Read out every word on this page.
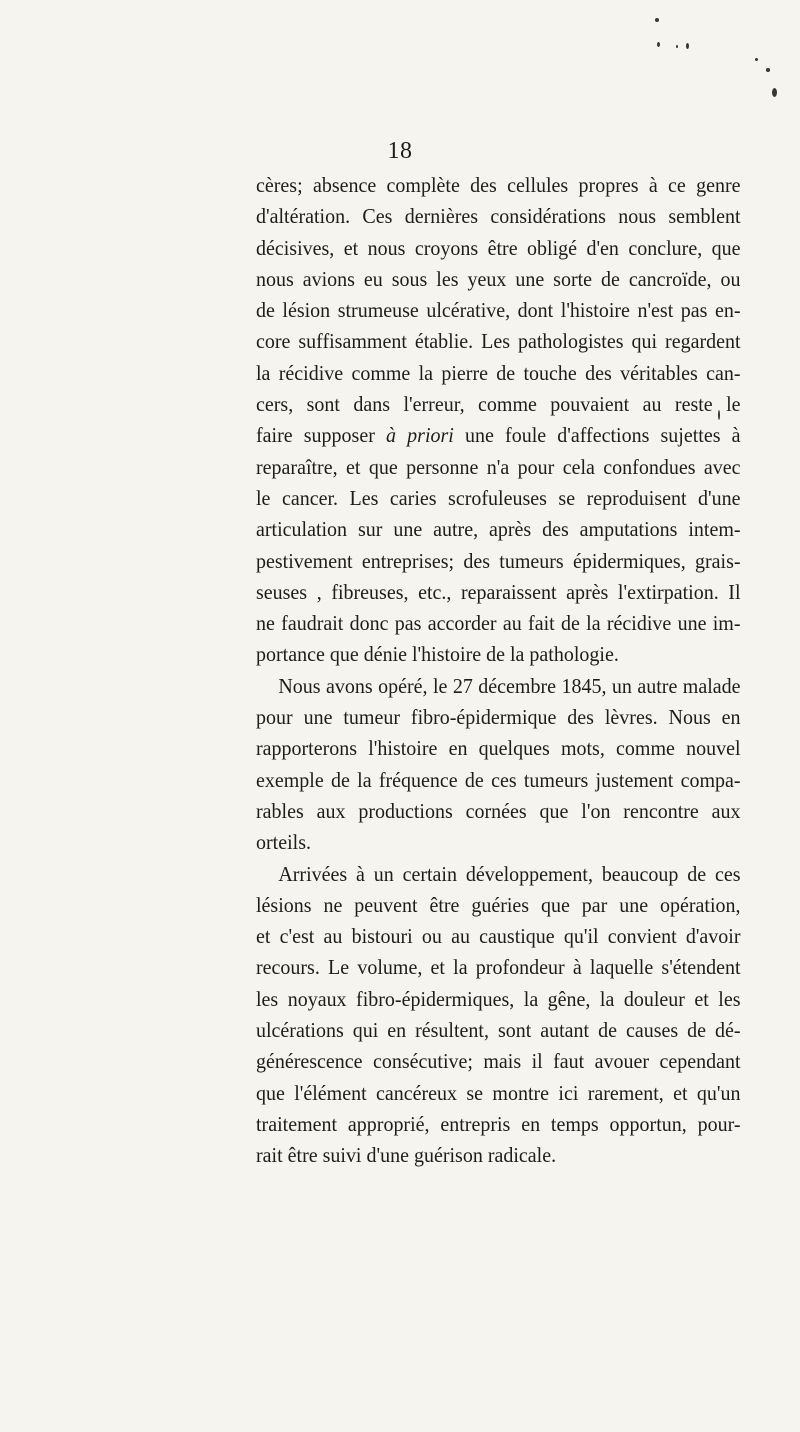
18
cères; absence complète des cellules propres à ce genre
d'altération. Ces dernières considérations nous semblent
décisives, et nous croyons être obligé d'en conclure, que
nous avions eu sous les yeux une sorte de cancroïde, ou
de lésion strumeuse ulcérative, dont l'histoire n'est pas en-
core suffisamment établie. Les pathologistes qui regardent
la récidive comme la pierre de touche des véritables can-
cers, sont dans l'erreur, comme pouvaient au reste le
faire supposer à priori une foule d'affections sujettes à
reparaître, et que personne n'a pour cela confondues avec
le cancer. Les caries scrofuleuses se reproduisent d'une
articulation sur une autre, après des amputations intem-
pestivement entreprises; des tumeurs épidermiques, grais-
seuses , fibreuses, etc., reparaissent après l'extirpation. Il
ne faudrait donc pas accorder au fait de la récidive une im-
portance que dénie l'histoire de la pathologie.
Nous avons opéré, le 27 décembre 1845, un autre malade
pour une tumeur fibro-épidermique des lèvres. Nous en
rapporterons l'histoire en quelques mots, comme nouvel
exemple de la fréquence de ces tumeurs justement compa-
rables aux productions cornées que l'on rencontre aux
orteils.
Arrivées à un certain développement, beaucoup de ces
lésions ne peuvent être guéries que par une opération,
et c'est au bistouri ou au caustique qu'il convient d'avoir
recours. Le volume, et la profondeur à laquelle s'étendent
les noyaux fibro-épidermiques, la gêne, la douleur et les
ulcérations qui en résultent, sont autant de causes de dé-
générescence consécutive; mais il faut avouer cependant
que l'élément cancéreux se montre ici rarement, et qu'un
traitement approprié, entrepris en temps opportun, pour-
rait être suivi d'une guérison radicale.
